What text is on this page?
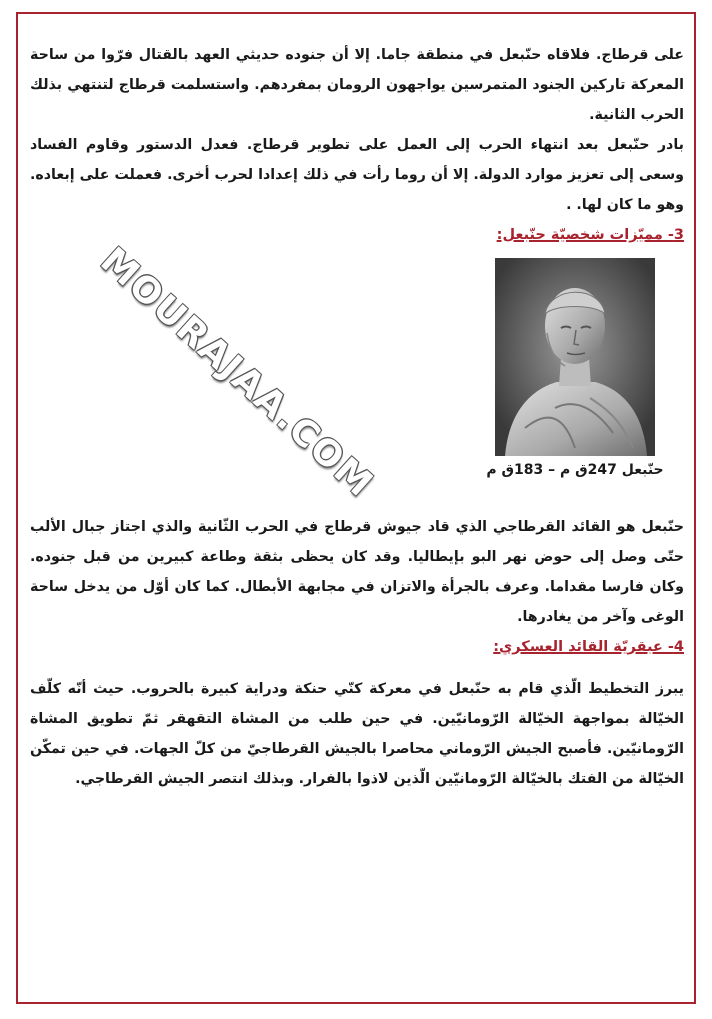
على قرطاج. فلاقاه حنّبعل في منطقة جاما. إلا أن جنوده حديثي العهد بالقتال فرّوا من ساحة المعركة تاركين الجنود المتمرسين يواجهون الرومان بمفردهم. واستسلمت قرطاج لتنتهي بذلك الحرب الثانية.

بادر حنّبعل بعد انتهاء الحرب إلى العمل على تطوير قرطاج. فعدل الدستور وقاوم الفساد وسعى إلى تعزيز موارد الدولة. إلا أن روما رأت في ذلك إعدادا لحرب أخرى. فعملت على إبعاده. وهو ما كان لها. .

3- مميّزات شخصيّة حنّبعل:

حنّبعل 247ق م – 183ق م

حنّبعل هو القائد القرطاجي الذي قاد جيوش قرطاج في الحرب الثّانية والذي اجتاز جبال الألب حتّى وصل إلى حوض نهر البو بإيطاليا. وقد كان يحظى بثقة وطاعة كبيرين من قبل جنوده. وكان فارسا مقداما. وعرف بالجرأة والاتزان في مجابهة الأبطال. كما كان أوّل من يدخل ساحة الوغى وآخر من يغادرها.

4- عبقريّة القائد العسكري:

يبرز التخطيط الّذي قام به حنّبعل في معركة كنّي حنكة ودراية كبيرة بالحروب. حيث أنّه كلّف الخيّالة بمواجهة الخيّالة الرّومانيّين. في حين طلب من المشاة التقهقر ثمّ تطويق المشاة الرّومانيّين. فأصبح الجيش الرّوماني محاصرا بالجيش القرطاجيّ من كلّ الجهات. في حين تمكّن الخيّالة من الفتك بالخيّالة الرّومانيّين الّذين لاذوا بالفرار. وبذلك انتصر الجيش القرطاجي.

MOURAJAA.COM
